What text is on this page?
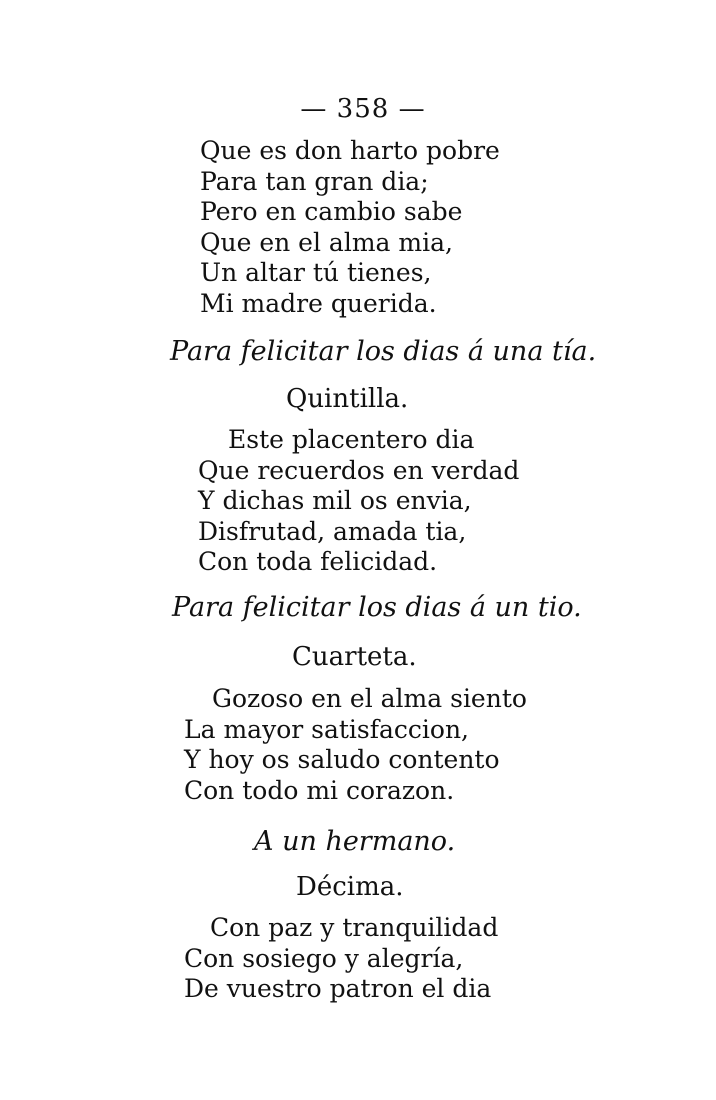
— 358 —
Que es don harto pobre
Para tan gran dia;
Pero en cambio sabe
Que en el alma mia,
Un altar tú tienes,
Mi madre querida.
Para felicitar los dias á una tía.
Quintilla.
Este placentero dia
Que recuerdos en verdad
Y dichas mil os envia,
Disfrutad, amada tia,
Con toda felicidad.
Para felicitar los dias á un tio.
Cuarteta.
Gozoso en el alma siento
La mayor satisfaccion,
Y hoy os saludo contento
Con todo mi corazon.
A un hermano.
Décima.
Con paz y tranquilidad
Con sosiego y alegría,
De vuestro patron el dia
